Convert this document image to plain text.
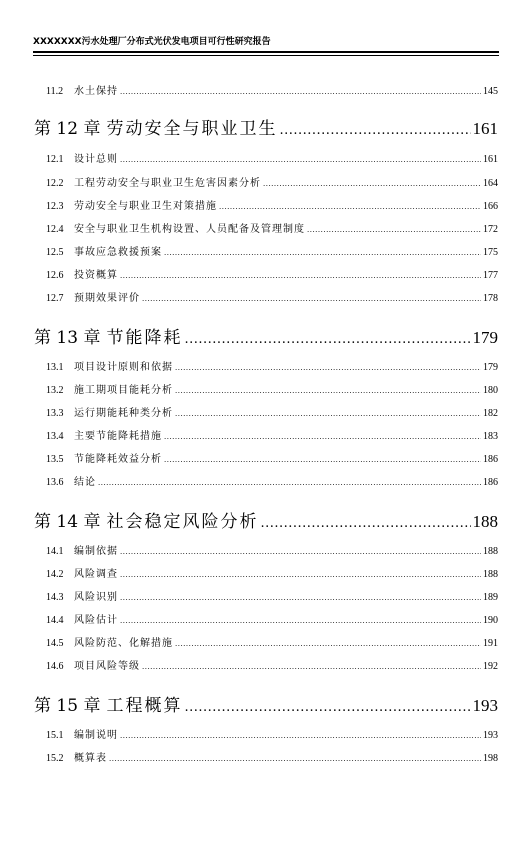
XXXXXXX污水处理厂分布式光伏发电项目可行性研究报告
11.2	水土保持 .....	145
第 12 章 劳动安全与职业卫生 .....	161
12.1	设计总则 .....	161
12.2	工程劳动安全与职业卫生危害因素分析 .....	164
12.3	劳动安全与职业卫生对策措施 .....	166
12.4	安全与职业卫生机构设置、人员配备及管理制度 .....	172
12.5	事故应急救援预案 .....	175
12.6	投资概算 .....	177
12.7	预期效果评价 .....	178
第 13 章 节能降耗 .....	179
13.1	项目设计原则和依据 .....	179
13.2	施工期项目能耗分析 .....	180
13.3	运行期能耗种类分析 .....	182
13.4	主要节能降耗措施 .....	183
13.5	节能降耗效益分析 .....	186
13.6	结论 .....	186
第 14 章 社会稳定风险分析 .....	188
14.1	编制依据 .....	188
14.2	风险调查 .....	188
14.3	风险识别 .....	189
14.4	风险估计 .....	190
14.5	风险防范、化解措施 .....	191
14.6	项目风险等级 .....	192
第 15 章 工程概算 .....	193
15.1	编制说明 .....	193
15.2	概算表 .....	198
